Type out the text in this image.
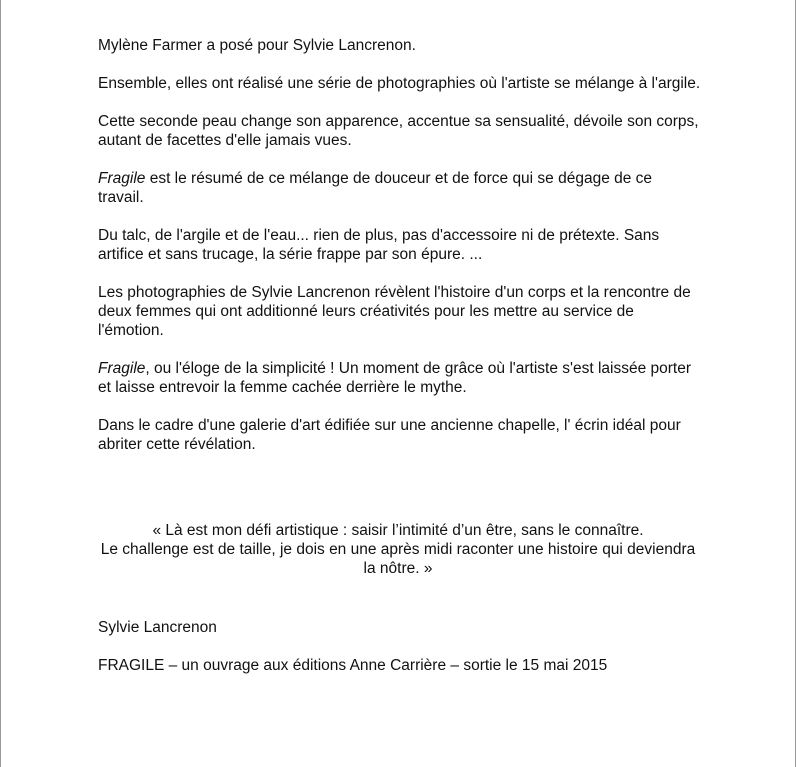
Mylène Farmer a posé pour Sylvie Lancrenon.

Ensemble, elles ont réalisé une série de photographies où l'artiste se mélange à l'argile.

Cette seconde peau change son apparence, accentue sa sensualité, dévoile son corps,
autant de facettes d'elle jamais vues.

Fragile est le résumé de ce mélange de douceur et de force qui se dégage de ce
travail.

Du talc, de l'argile et de l'eau... rien de plus, pas d'accessoire ni de prétexte. Sans
artifice et sans trucage, la série frappe par son épure. ...

Les photographies de Sylvie Lancrenon révèlent l'histoire d'un corps et la rencontre de
deux femmes qui ont additionné leurs créativités pour les mettre au service de
l'émotion.

Fragile, ou l'éloge de la simplicité ! Un moment de grâce où l'artiste s'est laissée porter
et laisse entrevoir la femme cachée derrière le mythe.

Dans le cadre d'une galerie d'art édifiée sur une ancienne chapelle, l' écrin idéal pour
abriter cette révélation.

« Là est mon défi artistique : saisir l’intimité d’un être, sans le connaître.
Le challenge est de taille, je dois en une après midi raconter une histoire qui deviendra
la nôtre. »
Sylvie Lancrenon
FRAGILE – un ouvrage aux éditions Anne Carrière – sortie le 15 mai 2015
